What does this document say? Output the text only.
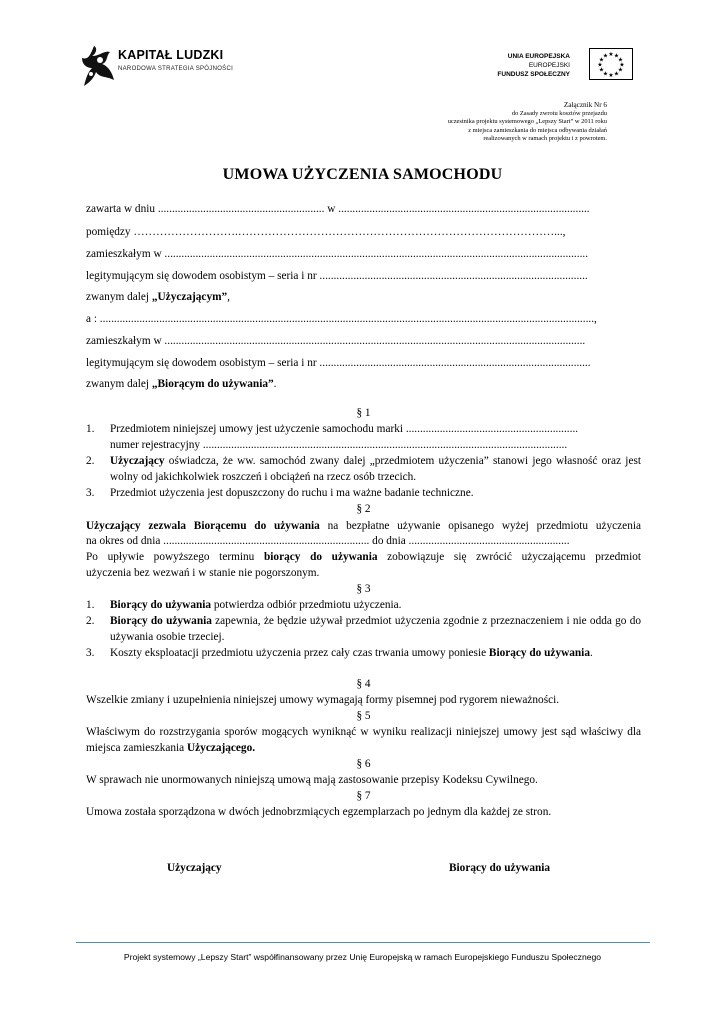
KAPITAŁ LUDZKI
NARODOWA STRATEGIA SPÓJNOŚCI
UNIA EUROPEJSKA
EUROPEJSKI
FUNDUSZ SPOŁECZNY
★ ★
★
★
★
★
★
★
★
★
★
★
Załącznik Nr 6
do Zasady zwrotu kosztów przejazdu
uczestnika projektu systemowego „Lepszy Start” w 2011 roku
z miejsca zamieszkania do miejsca odbywania działań
realizowanych w ramach projektu i z powrotem.
UMOWA UŻYCZENIA SAMOCHODU
zawarta w dniu ........................................................... w .........................................................................................
pomiędzy ……………………….…………………………………………………………………………...,
zamieszkałym w ......................................................................................................................................................
legitymującym się dowodem osobistym – seria i nr ...............................................................................................
zwanym dalej „Użyczającym”,
a : ...............................................................................................................................................................................,
zamieszkałym w .....................................................................................................................................................
legitymującym się dowodem osobistym – seria i nr ................................................................................................
zwanym dalej „Biorącym do używania”.
§ 1
1. Przedmiotem niniejszej umowy jest użyczenie samochodu marki .............................................................
numer rejestracyjny .................................................................................................................................
2. Użyczający oświadcza, że ww. samochód zwany dalej „przedmiotem użyczenia” stanowi jego własność oraz jest wolny od jakichkolwiek roszczeń i obciążeń na rzecz osób trzecich.
3. Przedmiot użyczenia jest dopuszczony do ruchu i ma ważne badanie techniczne.
§ 2
Użyczający zezwala Biorącemu do używania na bezpłatne używanie opisanego wyżej przedmiotu użyczenia
na okres od dnia ......................................................................... do dnia .........................................................
Po upływie powyższego terminu biorący do używania zobowiązuje się zwrócić użyczającemu przedmiot
użyczenia bez wezwań i w stanie nie pogorszonym.
§ 3
1. Biorący do używania potwierdza odbiór przedmiotu użyczenia.
2. Biorący do używania zapewnia, że będzie używał przedmiot użyczenia zgodnie z przeznaczeniem i nie odda go do używania osobie trzeciej.
3. Koszty eksploatacji przedmiotu użyczenia przez cały czas trwania umowy poniesie Biorący do używania.
§ 4
Wszelkie zmiany i uzupełnienia niniejszej umowy wymagają formy pisemnej pod rygorem nieważności.
§ 5
Właściwym do rozstrzygania sporów mogących wyniknąć w wyniku realizacji niniejszej umowy jest sąd właściwy dla miejsca zamieszkania Użyczającego.
§ 6
W sprawach nie unormowanych niniejszą umową mają zastosowanie przepisy Kodeksu Cywilnego.
§ 7
Umowa została sporządzona w dwóch jednobrzmiących egzemplarzach po jednym dla każdej ze stron.
Użyczający	Biorący do używania
Projekt systemowy „Lepszy Start” współfinansowany przez Unię Europejską w ramach Europejskiego Funduszu Społecznego
